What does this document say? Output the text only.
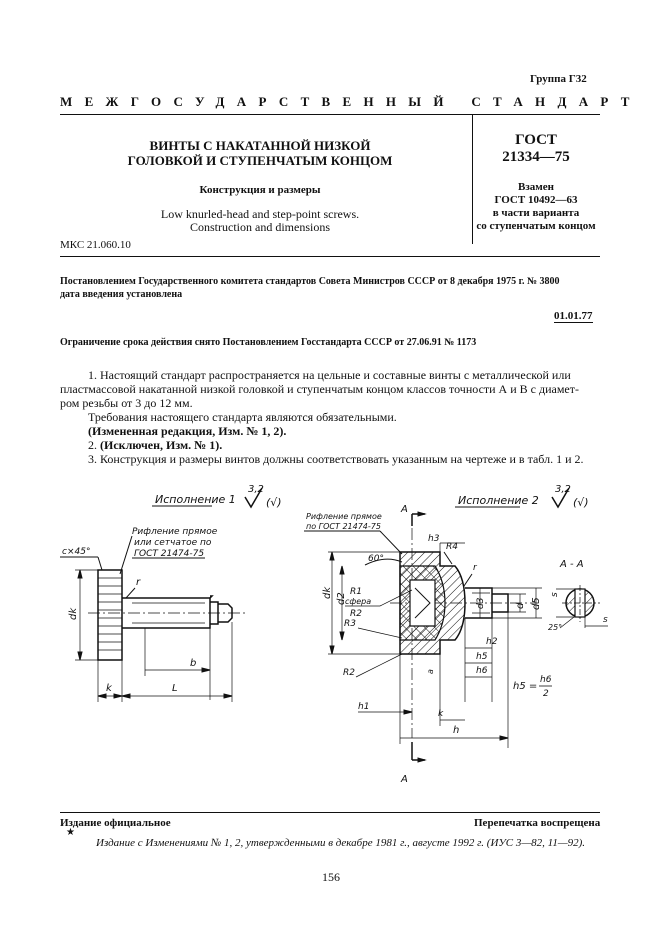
Группа Г32
МЕЖГОСУДАРСТВЕННЫЙ СТАНДАРТ
ВИНТЫ С НАКАТАННОЙ НИЗКОЙ
ГОЛОВКОЙ И СТУПЕНЧАТЫМ КОНЦОМ
Конструкция и размеры
Low knurled-head and step-point screws.
Construction and dimensions
ГОСТ
21334—75
Взамен
ГОСТ 10492—63
в части варианта
со ступенчатым концом
МКС 21.060.10
Постановлением Государственного комитета стандартов Совета Министров СССР от 8 декабря 1975 г. № 3800
дата введения установлена
01.01.77
Ограничение срока действия снято Постановлением Госстандарта СССР от 27.06.91 № 1173
1. Настоящий стандарт распространяется на цельные и составные винты с металлической или
пластмассовой накатанной низкой головкой и ступенчатым концом классов точности А и В с диамет-
ром резьбы от 3 до 12 мм.
Требования настоящего стандарта являются обязательными.
(Измененная редакция, Изм. № 1, 2).
2. (Исключен, Изм. № 1).
3. Конструкция и размеры винтов должны соответствовать указанным на чертеже и в табл. 1 и 2.
Исполнение 1
3,2
(√)
Рифление прямое
или сетчатое по
ГОСТ 21474-75
c×45°
r
dk
b
k	L
Исполнение 2
3,2
(√)
A
A
Рифление прямое
по ГОСТ 21474-75
60°
h3
R4
r
R1
сфера
R2
R3
R2
dk d2	d3	d d5
h2
h5
h6
h1
k
h
a
h5 =
h6
2
А - А
s
s
25°
Издание официальное	Перепечатка воспрещена
★
Издание с Изменениями № 1, 2, утвержденными в декабре 1981 г., августе 1992 г. (ИУС 3—82, 11—92).
156
